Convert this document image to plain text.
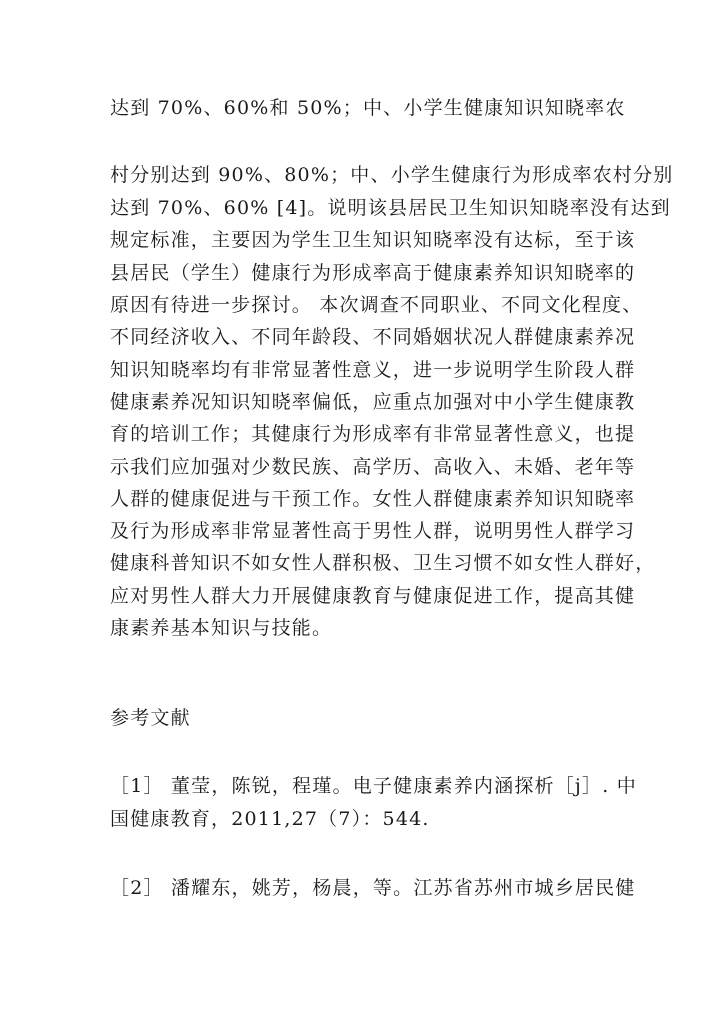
达到 70%、60%和 50%；中、小学生健康知识知晓率农
村分别达到 90%、80%；中、小学生健康行为形成率农村分别
达到 70%、60% [4]。说明该县居民卫生知识知晓率没有达到
规定标准，主要因为学生卫生知识知晓率没有达标，至于该
县居民（学生）健康行为形成率高于健康素养知识知晓率的
原因有待进一步探讨。 本次调查不同职业、不同文化程度、
不同经济收入、不同年龄段、不同婚姻状况人群健康素养况
知识知晓率均有非常显著性意义，进一步说明学生阶段人群
健康素养况知识知晓率偏低，应重点加强对中小学生健康教
育的培训工作；其健康行为形成率有非常显著性意义，也提
示我们应加强对少数民族、高学历、高收入、未婚、老年等
人群的健康促进与干预工作。女性人群健康素养知识知晓率
及行为形成率非常显著性高于男性人群，说明男性人群学习
健康科普知识不如女性人群积极、卫生习惯不如女性人群好，
应对男性人群大力开展健康教育与健康促进工作，提高其健
康素养基本知识与技能。
参考文献
［1］ 董莹，陈锐，程瑾。电子健康素养内涵探析［j］. 中
国健康教育，2011,27（7）：544.
［2］ 潘耀东，姚芳，杨晨，等。江苏省苏州市城乡居民健
